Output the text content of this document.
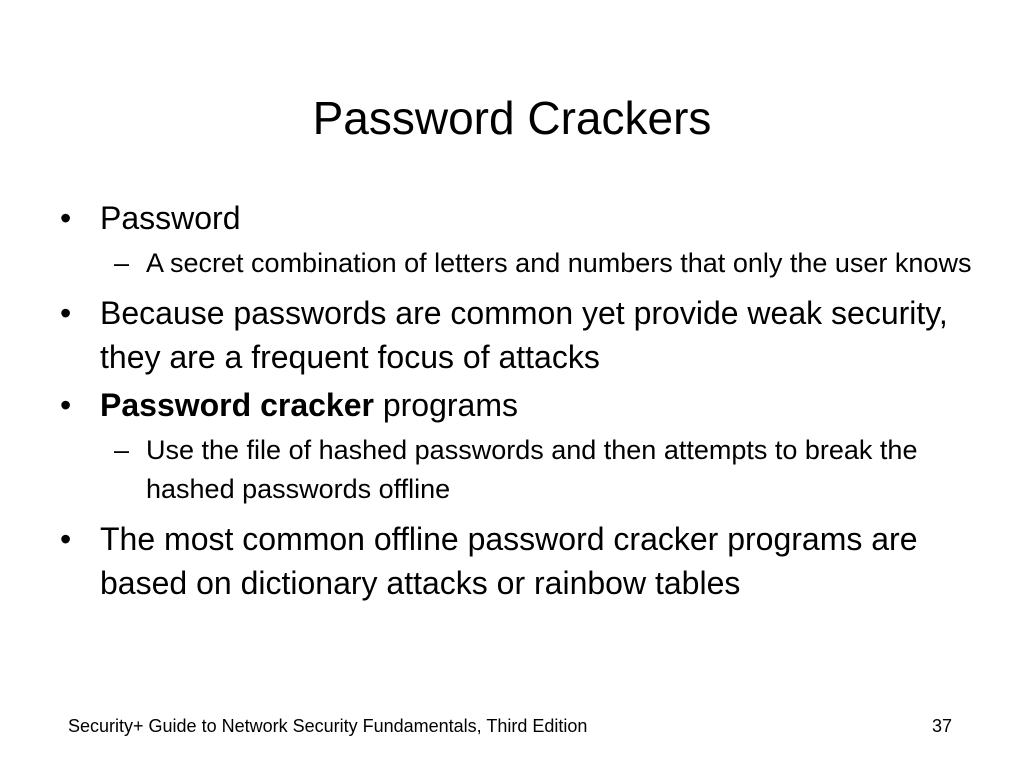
Password Crackers
• Password
– A secret combination of letters and numbers that only the user knows
• Because passwords are common yet provide weak security, they are a frequent focus of attacks
• Password cracker programs
– Use the file of hashed passwords and then attempts to break the hashed passwords offline
• The most common offline password cracker programs are based on dictionary attacks or rainbow tables
Security+ Guide to Network Security Fundamentals, Third Edition	37
